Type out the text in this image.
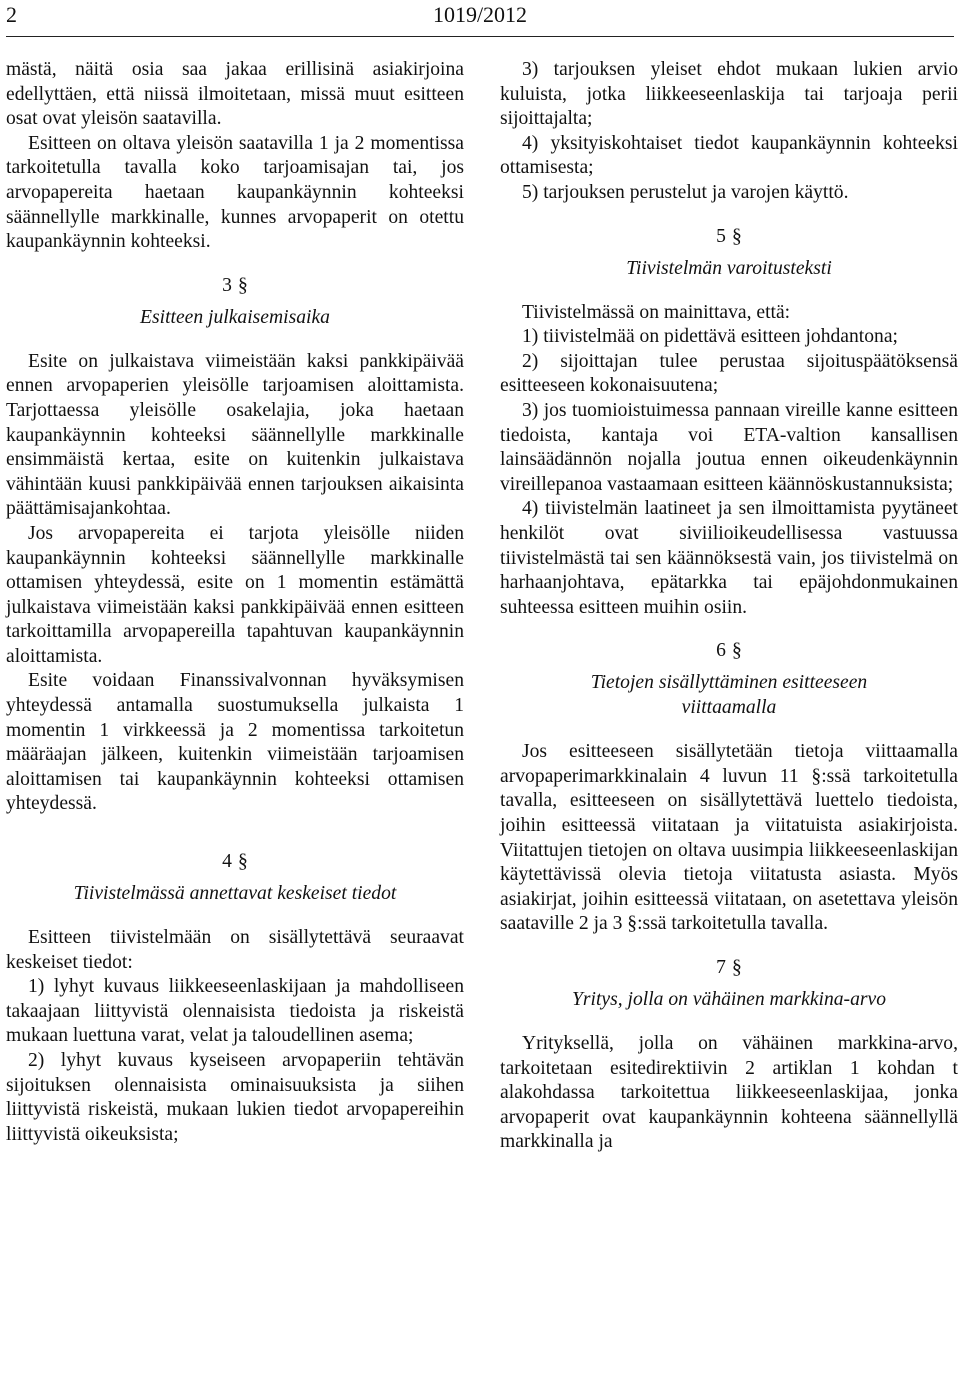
2	1019/2012

mästä, näitä osia saa jakaa erillisinä asiakirjoina edellyttäen, että niissä ilmoitetaan, missä muut esitteen osat ovat yleisön saatavilla.

Esitteen on oltava yleisön saatavilla 1 ja 2 momentissa tarkoitetulla tavalla koko tarjoamisajan tai, jos arvopapereita haetaan kaupankäynnin kohteeksi säännellylle markkinalle, kunnes arvopaperit on otettu kaupankäynnin kohteeksi.

3 §

Esitteen julkaisemisaika

Esite on julkaistava viimeistään kaksi pankkipäivää ennen arvopaperien yleisölle tarjoamisen aloittamista. Tarjottaessa yleisölle osakelajia, joka haetaan kaupankäynnin kohteeksi säännellylle markkinalle ensimmäistä kertaa, esite on kuitenkin julkaistava vähintään kuusi pankkipäivää ennen tarjouksen aikaisinta päättämisajankohtaa.

Jos arvopapereita ei tarjota yleisölle niiden kaupankäynnin kohteeksi säännellylle markkinalle ottamisen yhteydessä, esite on 1 momentin estämättä julkaistava viimeistään kaksi pankkipäivää ennen esitteen tarkoittamilla arvopapereilla tapahtuvan kaupankäynnin aloittamista.

Esite voidaan Finanssivalvonnan hyväksymisen yhteydessä antamalla suostumuksella julkaista 1 momentin 1 virkkeessä ja 2 momentissa tarkoitetun määräajan jälkeen, kuitenkin viimeistään tarjoamisen aloittamisen tai kaupankäynnin kohteeksi ottamisen yhteydessä.

4 §

Tiivistelmässä annettavat keskeiset tiedot

Esitteen tiivistelmään on sisällytettävä seuraavat keskeiset tiedot:

1) lyhyt kuvaus liikkeeseenlaskijaan ja mahdolliseen takaajaan liittyvistä olennaisista tiedoista ja riskeistä mukaan luettuna varat, velat ja taloudellinen asema;

2) lyhyt kuvaus kyseiseen arvopaperiin tehtävän sijoituksen olennaisista ominaisuuksista ja siihen liittyvistä riskeistä, mukaan lukien tiedot arvopapereihin liittyvistä oikeuksista;

3) tarjouksen yleiset ehdot mukaan lukien arvio kuluista, jotka liikkeeseenlaskija tai tarjoaja perii sijoittajalta;

4) yksityiskohtaiset tiedot kaupankäynnin kohteeksi ottamisesta;

5) tarjouksen perustelut ja varojen käyttö.

5 §

Tiivistelmän varoitusteksti

Tiivistelmässä on mainittava, että:

1) tiivistelmää on pidettävä esitteen johdantona;

2) sijoittajan tulee perustaa sijoituspäätöksensä esitteeseen kokonaisuutena;

3) jos tuomioistuimessa pannaan vireille kanne esitteen tiedoista, kantaja voi ETA-valtion kansallisen lainsäädännön nojalla joutua ennen oikeudenkäynnin vireillepanoa vastaamaan esitteen käännöskustannuksista;

4) tiivistelmän laatineet ja sen ilmoittamista pyytäneet henkilöt ovat siviilioikeudellisessa vastuussa tiivistelmästä tai sen käännöksestä vain, jos tiivistelmä on harhaanjohtava, epätarkka tai epäjohdonmukainen suhteessa esitteen muihin osiin.

6 §

Tietojen sisällyttäminen esitteeseen
viittaamalla

Jos esitteeseen sisällytetään tietoja viittaamalla arvopaperimarkkinalain 4 luvun 11 §:ssä tarkoitetulla tavalla, esitteeseen on sisällytettävä luettelo tiedoista, joihin esitteessä viitataan ja viitatuista asiakirjoista. Viitattujen tietojen on oltava uusimpia liikkeeseenlaskijan käytettävissä olevia tietoja viitatusta asiasta. Myös asiakirjat, joihin esitteessä viitataan, on asetettava yleisön saataville 2 ja 3 §:ssä tarkoitetulla tavalla.

7 §

Yritys, jolla on vähäinen markkina-arvo

Yrityksellä, jolla on vähäinen markkina-arvo, tarkoitetaan esitedirektiivin 2 artiklan 1 kohdan t alakohdassa tarkoitettua liikkeeseenlaskijaa, jonka arvopaperit ovat kaupankäynnin kohteena säännellyllä markkinalla ja
